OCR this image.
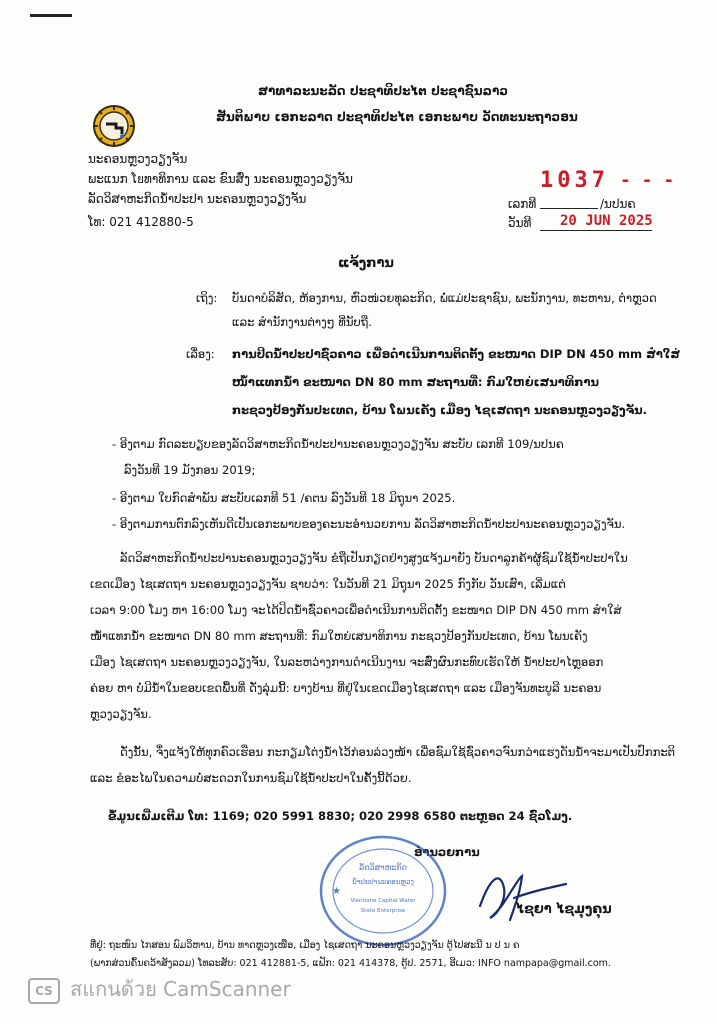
ສາທາລະນະລັດ ປະຊາທິປະໄຕ ປະຊາຊົນລາວ
ສັນຕິພາບ ເອກະລາດ ປະຊາທິປະໄຕ ເອກະພາບ ວັດທະນະຖາວອນ
ນະຄອນຫຼວງວຽງຈັນ
ພະແນກ ໂยທາທິການ ແລະ ຂົນສົ່ງ ນະຄອນຫຼວງວຽງຈັນ
ລັດວິສາຫະກິດນໍ້າປະປາ ນະຄອນຫຼວງວຽງຈັນ
ໂທ: 021 412880-5
1037 - - -
ເລກທີ	/ນປນຄ
ວັນທີ 20 JUN 2025
ແຈ້ງການ
ເຖິງ: ບັນດາບໍລິສັດ, ຫ້ອງການ, ຫົວໜ່ວຍທຸລະກິດ, ພໍ່ແມ່ປະຊາຊົນ, ພະນັກງານ, ທະຫານ, ຕໍາຫຼວດ
ແລະ ສໍານັກງານຕ່າງໆ ທີ່ນັບຖື.
ເລື່ອງ: ການປິດນໍ້າປະປາຊົ່ວຄາວ ເພື່ອດໍາເນີນການຕິດຕັ້ງ ຂະໜາດ DIP DN 450 mm ສໍາໃສ່
ໜໍ້າແທກນໍ້າ ຂະໜາດ DN 80 mm ສະຖານທີ່: ກົມໃຫຍ່ເສນາທິການ
ກະຊວງປ້ອງກັນປະເທດ, ບ້ານ ໂພນເຄັງ ເມືອງ ໄຊເສດຖາ ນະຄອນຫຼວງວຽງຈັນ.
- ອີງຕາມ ກົດລະບຽບຂອງລັດວິສາຫະກິດນໍ້າປະປານະຄອນຫຼວງວຽງຈັນ ສະບັບ ເລກທີ 109/ນປນຄ
ລົງວັນທີ 19 ມັງກອນ 2019;
- ອີງຕາມ ໃບກົດສໍາພັນ ສະບັບເລກທີ 51 /ຄຕນ ລົງວັນທີ 18 ມິຖຸນາ 2025.
- ອີງຕາມການຕົກລົງເຫັນດີເປັນເອກະພາບຂອງຄະນະອໍານວຍການ ລັດວິສາຫະກິດນໍ້າປະປານະຄອນຫຼວງວຽງຈັນ.
ລັດວິສາຫະກິດນໍ້າປະປານະຄອນຫຼວງວຽງຈັນ ຂໍຖືເປັນກຽດຢ່າງສູງແຈ້ງມາຍັງ ບັນດາລູກຄ້າຜູ້ຊົມໃຊ້ນໍ້າປະປາໃນ
ເຂດເມືອງ ໄຊເສດຖາ ນະຄອນຫຼວງວຽງຈັນ ຊາບວ່າ: ໃນວັນທີ 21 ມິຖຸນາ 2025 ກົງກັບ ວັນເສົາ, ເລີ່ມແຕ່
ເວລາ 9:00 ໂມງ ຫາ 16:00 ໂມງ ຈະໄດ້ປິດນໍ້າຊົ່ວຄາວເພື່ອດໍາເນີນການຕິດຕັ້ງ ຂະໜາດ DIP DN 450 mm ສໍາໃສ່
ໜໍ້າແທກນໍ້າ ຂະໜາດ DN 80 mm ສະຖານທີ່: ກົມໃຫຍ່ເສນາທິການ ກະຊວງປ້ອງກັນປະເທດ, ບ້ານ ໂພນເຄັງ
ເມືອງ ໄຊເສດຖາ ນະຄອນຫຼວງວຽງຈັນ, ໃນລະຫວ່າງການດໍາເນີນງານ ຈະສົ່ງຜົນກະທົບເຮັດໃຫ້ ນໍ້າປະປາໄຫຼອອກ
ຄ່ອຍ ຫາ ບໍ່ມີນໍ້າໃນຂອບເຂດພື້ນທີ່ ດັ່ງລຸ່ມນີ້: ບາງບ້ານ ທີ່ຢູ່ໃນເຂດເມືອງໄຊເສດຖາ ແລະ ເມືອງຈັນທະບູລີ ນະຄອນ
ຫຼວງວຽງຈັນ.
ດັ່ງນັ້ນ, ຈຶ່ງແຈ້ງໃຫ້ທຸກຄົວເຮືອນ ກະກຽມໂຕ່ງນໍ້າໄວ້ກ່ອນລ່ວງໜ້າ ເພື່ອຊົມໃຊ້ຊົ່ວຄາວຈົນກວ່າແຮງດັນນໍ້າຈະມາເປັນປົກກະຕິ
ແລະ ຂໍອະໄພໃນຄວາມບໍ່ສະດວກໃນການຊົມໃຊ້ນໍ້າປະປາໃນຄັ້ງນີ້ດ້ວຍ.
ຂໍ້ມູນເພີ່ມເຕີມ ໂທ: 1169; 020 5991 8830; 020 2998 6580 ຕະຫຼອດ 24 ຊົ່ວໂມງ.
ອໍານວຍການ
ລັດວິສາຫະກິດ
ນໍ້າປະປານະຄອນຫຼວງ
Vientiane Capital Water
State Enterprise
★
ໄຊຍາ ໄຊມຸງຄຸນ
ທີ່ຢູ່: ຖະໜົນ ໄກສອນ ພົມວິຫານ, ບ້ານ ທາດຫຼວງເໜືອ, ເມືອງ ໄຊເສດຖາ ນະຄອນຫຼວງວຽງຈັນ ຕູ້ໄປສະນີ ນ ປ ນ ຄ
(ພາກສ່ວນຄົ້ນຄວ້າສັງລວມ) ໂທລະສັບ: 021 412881-5, ແຟັກ: 021 414378, ຕູ້ປ. 2571, ອີເມວ: INFO nampapa@gmail.com.
CS สแกนด้วย CamScanner
